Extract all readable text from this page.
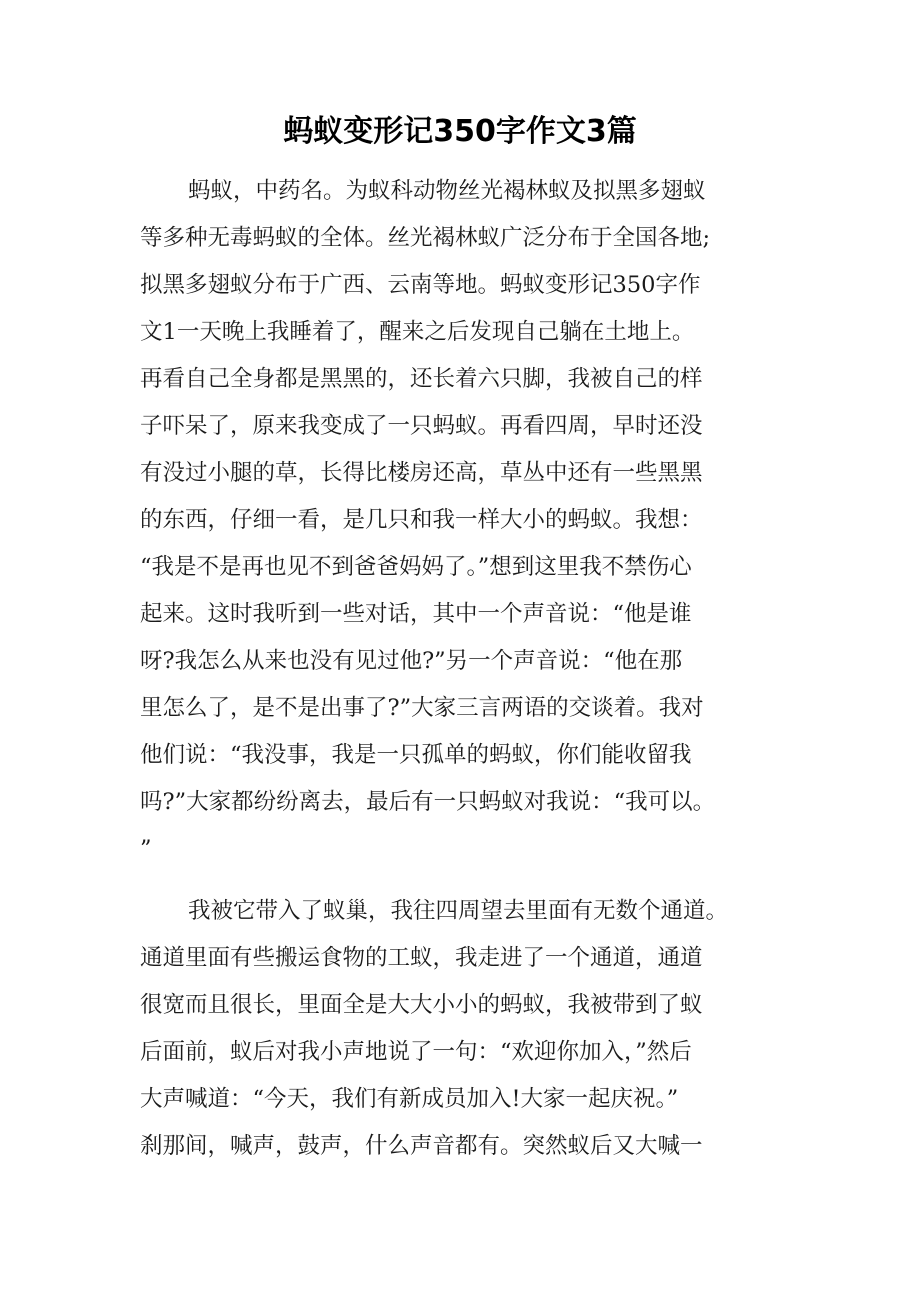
蚂蚁变形记350字作文3篇

蚂蚁，中药名。为蚁科动物丝光褐林蚁及拟黑多翅蚁

等多种无毒蚂蚁的全体。丝光褐林蚁广泛分布于全国各地;

拟黑多翅蚁分布于广西、云南等地。蚂蚁变形记350字作

文1一天晚上我睡着了，醒来之后发现自己躺在土地上。

再看自己全身都是黑黑的，还长着六只脚，我被自己的样

子吓呆了，原来我变成了一只蚂蚁。再看四周，早时还没

有没过小腿的草，长得比楼房还高，草丛中还有一些黑黑

的东西，仔细一看，是几只和我一样大小的蚂蚁。我想：

“我是不是再也见不到爸爸妈妈了。”想到这里我不禁伤心

起来。这时我听到一些对话，其中一个声音说：“他是谁

呀?我怎么从来也没有见过他?”另一个声音说：“他在那

里怎么了，是不是出事了?”大家三言两语的交谈着。我对

他们说：“我没事，我是一只孤单的蚂蚁，你们能收留我

吗?”大家都纷纷离去，最后有一只蚂蚁对我说：“我可以。

”

我被它带入了蚁巢，我往四周望去里面有无数个通道。

通道里面有些搬运食物的工蚁，我走进了一个通道，通道

很宽而且很长，里面全是大大小小的蚂蚁，我被带到了蚁

后面前，蚁后对我小声地说了一句：“欢迎你加入，”然后

大声喊道：“今天，我们有新成员加入!大家一起庆祝。”

刹那间，喊声，鼓声，什么声音都有。突然蚁后又大喊一
